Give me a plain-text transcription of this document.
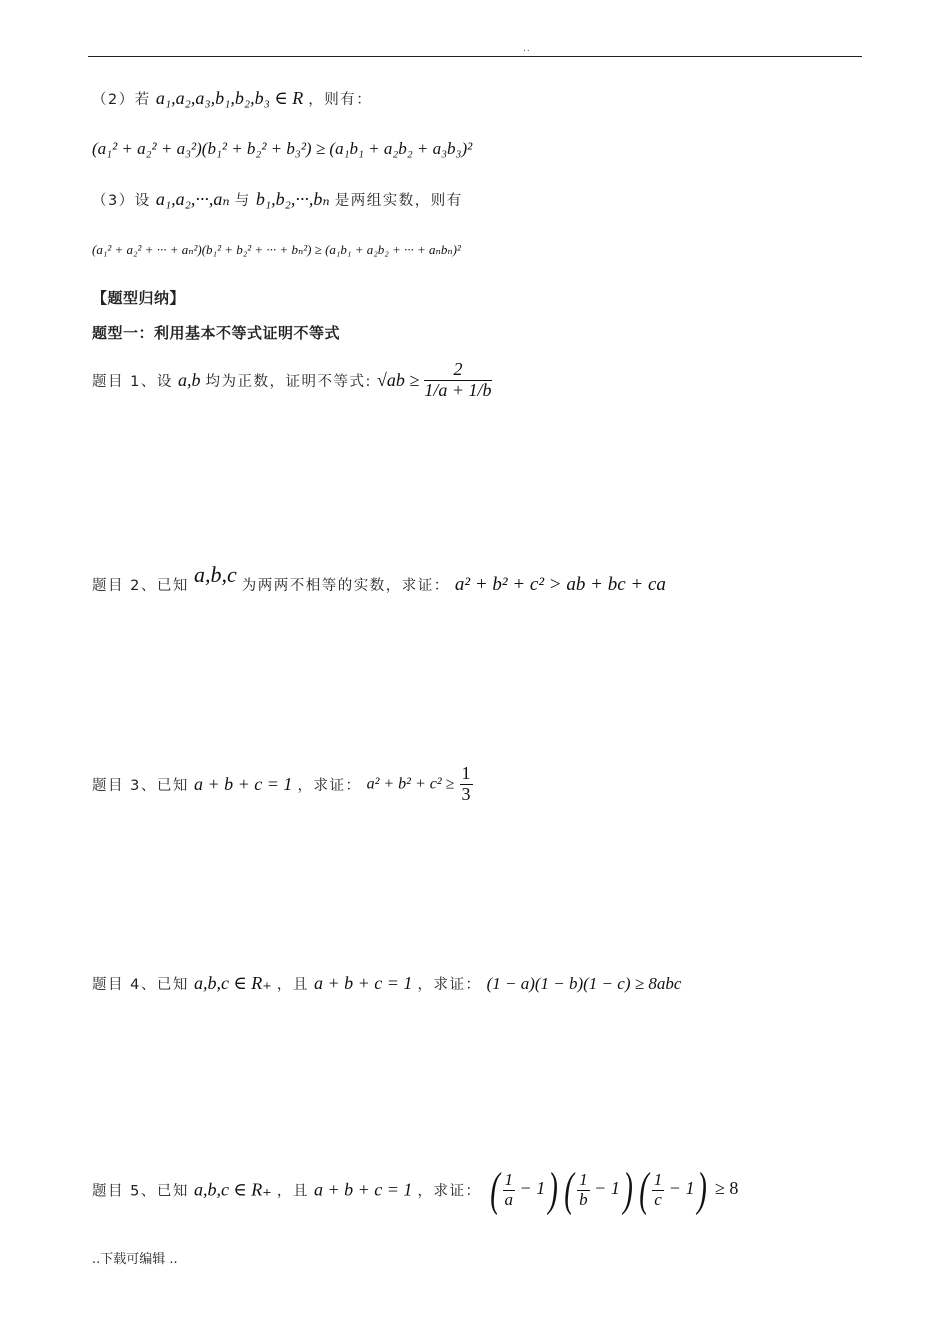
..
（2）若 a₁,a₂,a₃,b₁,b₂,b₃ ∈ R ，则有：
(a₁² + a₂² + a₃²)(b₁² + b₂² + b₃²) ≥ (a₁b₁ + a₂b₂ + a₃b₃)²
（3）设 a₁,a₂,···,aₙ 与 b₁,b₂,···,bₙ 是两组实数，则有
(a₁² + a₂² + ··· + aₙ²)(b₁² + b₂² + ··· + bₙ²) ≥ (a₁b₁ + a₂b₂ + ··· + aₙbₙ)²
【题型归纳】
题型一：利用基本不等式证明不等式
题目 1、设 a,b 均为正数，证明不等式: $√ab \ge \frac{2}{1/a + 1/b}$
题目 2、已知 a,b,c 为两两不相等的实数，求证： a² + b² + c² > ab + bc + ca
题目 3、已知 a + b + c = 1 ，求证： $a^2 + b^2 + c^2 \ge \frac{1}{3}$
题目 4、已知 a,b,c ∈ R₊ ，且 a + b + c = 1 ，求证： (1 − a)(1 − b)(1 − c) ≥ 8abc
题目 5、已知 a,b,c ∈ R₊ ，且 a + b + c = 1 ，求证： ( $\frac{1}{a} - 1$) ( $\frac{1}{b} - 1$) ( $\frac{1}{c} - 1) \ge 8$
..下载可编辑 ..
